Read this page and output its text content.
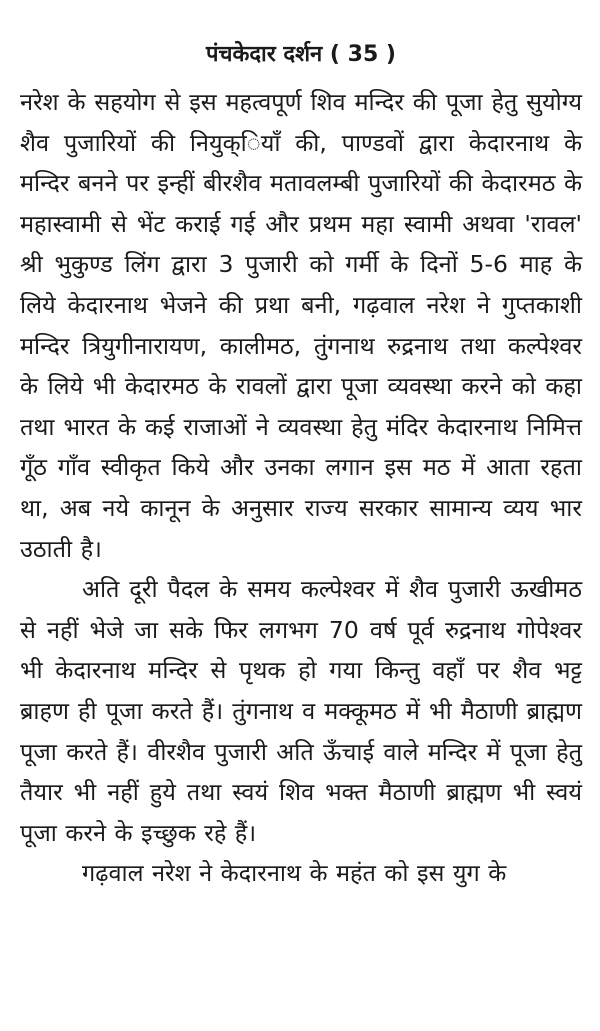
पंचकेदार दर्शन ( 35 )

नरेश के सहयोग से इस महत्वपूर्ण शिव मन्दिर की पूजा हेतु सुयोग्य शैव पुजारियों की नियुक्ियाँ की, पाण्डवों द्वारा केदारनाथ के मन्दिर बनने पर इन्हीं बीरशैव मतावलम्बी पुजारियों की केदारमठ के महास्वामी से भेंट कराई गई और प्रथम महा स्वामी अथवा 'रावल' श्री भुकुण्ड लिंग द्वारा 3 पुजारी को गर्मी के दिनों 5-6 माह के लिये केदारनाथ भेजने की प्रथा बनी, गढ़वाल नरेश ने गुप्तकाशी मन्दिर त्रियुगीनारायण, कालीमठ, तुंगनाथ रुद्रनाथ तथा कल्पेश्वर के लिये भी केदारमठ के रावलों द्वारा पूजा व्यवस्था करने को कहा तथा भारत के कई राजाओं ने व्यवस्था हेतु मंदिर केदारनाथ निमित्त गूँठ गाँव स्वीकृत किये और उनका लगान इस मठ में आता रहता था, अब नये कानून के अनुसार राज्य सरकार सामान्य व्यय भार उठाती है।

अति दूरी पैदल के समय कल्पेश्वर में शैव पुजारी ऊखीमठ से नहीं भेजे जा सके फिर लगभग 70 वर्ष पूर्व रुद्रनाथ गोपेश्वर भी केदारनाथ मन्दिर से पृथक हो गया किन्तु वहाँ पर शैव भट्ट ब्राहण ही पूजा करते हैं। तुंगनाथ व मक्कूमठ में भी मैठाणी ब्राह्मण पूजा करते हैं। वीरशैव पुजारी अति ऊँचाई वाले मन्दिर में पूजा हेतु तैयार भी नहीं हुये तथा स्वयं शिव भक्त मैठाणी ब्राह्मण भी स्वयं पूजा करने के इच्छुक रहे हैं।

गढ़वाल नरेश ने केदारनाथ के महंत को इस युग के
